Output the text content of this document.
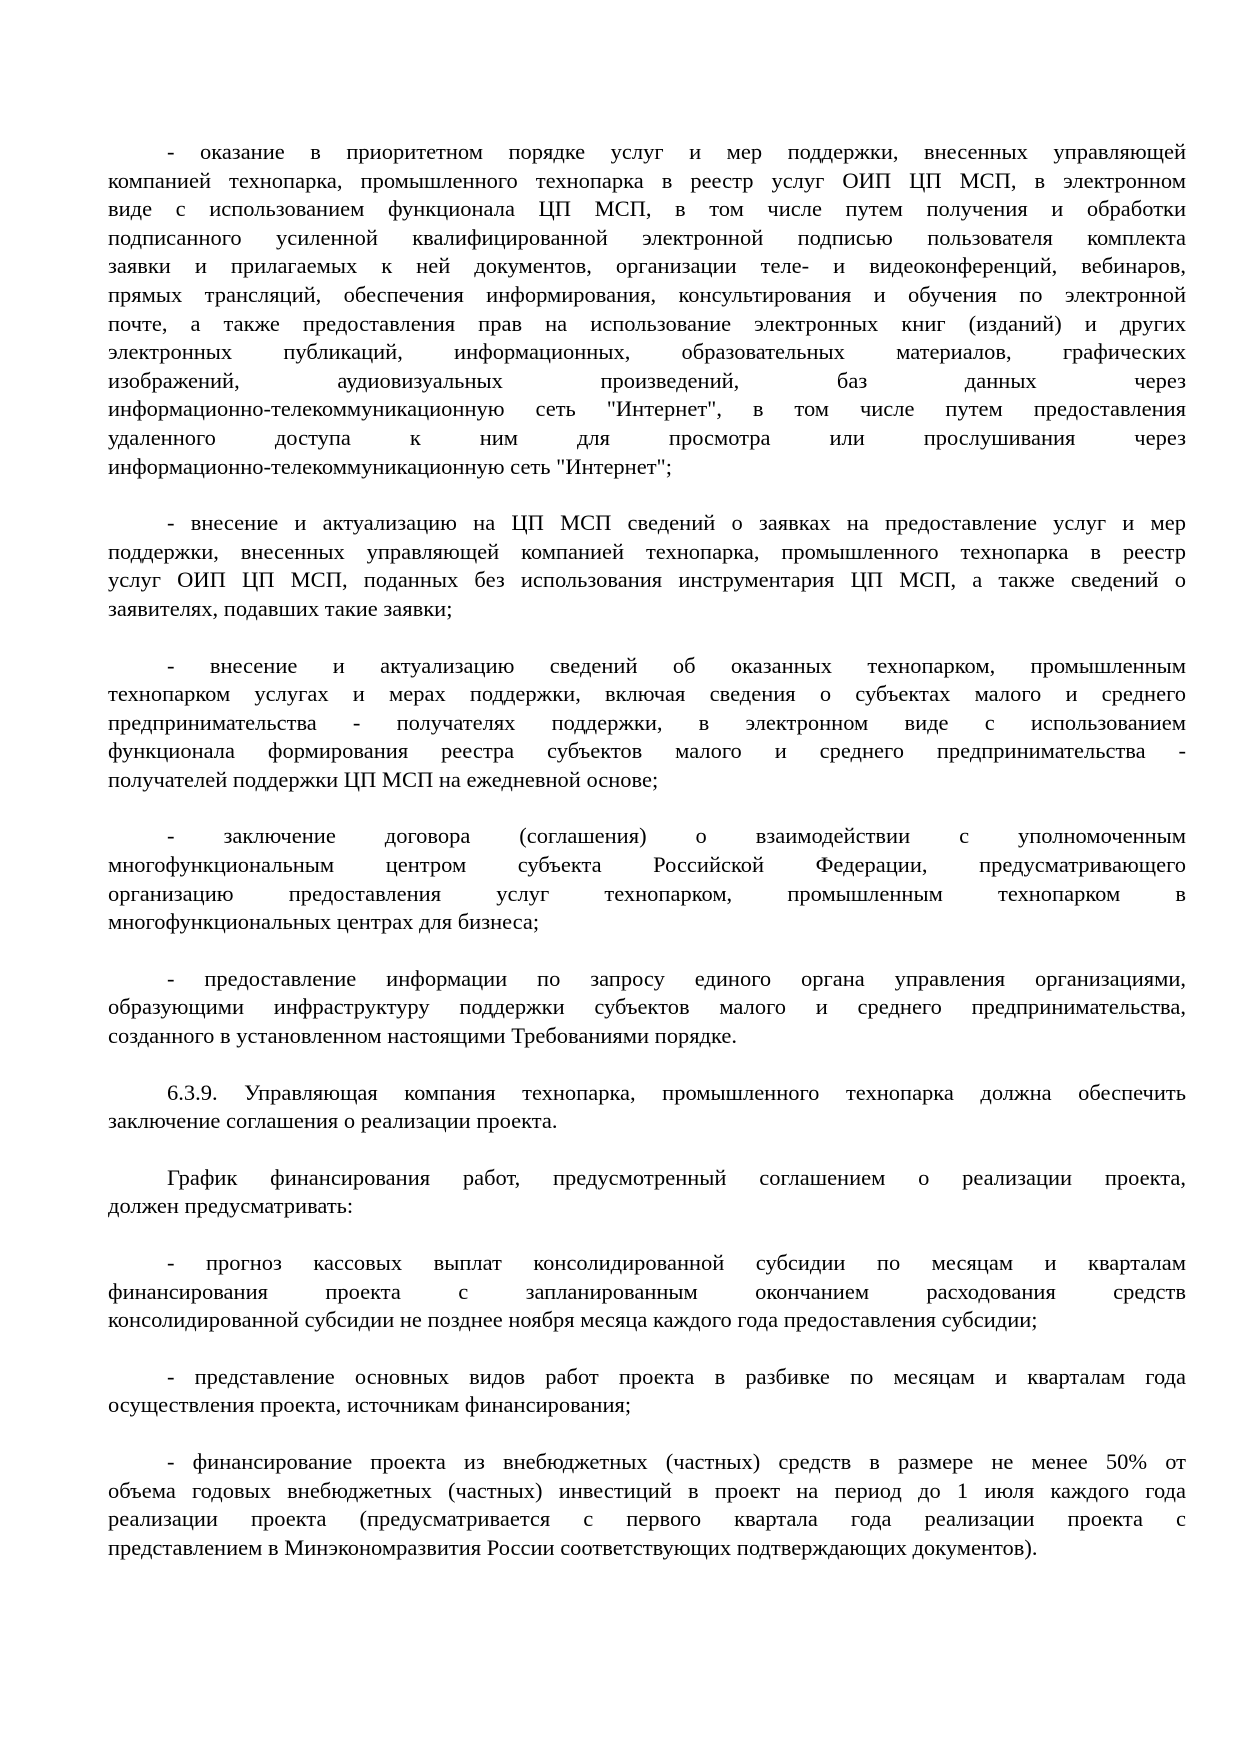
- оказание в приоритетном порядке услуг и мер поддержки, внесенных управляющей
компанией технопарка, промышленного технопарка в реестр услуг ОИП ЦП МСП, в электронном
виде с использованием функционала ЦП МСП, в том числе путем получения и обработки
подписанного усиленной квалифицированной электронной подписью пользователя комплекта
заявки и прилагаемых к ней документов, организации теле- и видеоконференций, вебинаров,
прямых трансляций, обеспечения информирования, консультирования и обучения по электронной
почте, а также предоставления прав на использование электронных книг (изданий) и других
электронных публикаций, информационных, образовательных материалов, графических
изображений, аудиовизуальных произведений, баз данных через
информационно-телекоммуникационную сеть "Интернет", в том числе путем предоставления
удаленного доступа к ним для просмотра или прослушивания через
информационно-телекоммуникационную сеть "Интернет";

- внесение и актуализацию на ЦП МСП сведений о заявках на предоставление услуг и мер
поддержки, внесенных управляющей компанией технопарка, промышленного технопарка в реестр
услуг ОИП ЦП МСП, поданных без использования инструментария ЦП МСП, а также сведений о
заявителях, подавших такие заявки;

- внесение и актуализацию сведений об оказанных технопарком, промышленным
технопарком услугах и мерах поддержки, включая сведения о субъектах малого и среднего
предпринимательства - получателях поддержки, в электронном виде с использованием
функционала формирования реестра субъектов малого и среднего предпринимательства -
получателей поддержки ЦП МСП на ежедневной основе;

- заключение договора (соглашения) о взаимодействии с уполномоченным
многофункциональным центром субъекта Российской Федерации, предусматривающего
организацию предоставления услуг технопарком, промышленным технопарком в
многофункциональных центрах для бизнеса;

- предоставление информации по запросу единого органа управления организациями,
образующими инфраструктуру поддержки субъектов малого и среднего предпринимательства,
созданного в установленном настоящими Требованиями порядке.

6.3.9. Управляющая компания технопарка, промышленного технопарка должна обеспечить
заключение соглашения о реализации проекта.

График финансирования работ, предусмотренный соглашением о реализации проекта,
должен предусматривать:

- прогноз кассовых выплат консолидированной субсидии по месяцам и кварталам
финансирования проекта с запланированным окончанием расходования средств
консолидированной субсидии не позднее ноября месяца каждого года предоставления субсидии;

- представление основных видов работ проекта в разбивке по месяцам и кварталам года
осуществления проекта, источникам финансирования;

- финансирование проекта из внебюджетных (частных) средств в размере не менее 50% от
объема годовых внебюджетных (частных) инвестиций в проект на период до 1 июля каждого года
реализации проекта (предусматривается с первого квартала года реализации проекта с
представлением в Минэкономразвития России соответствующих подтверждающих документов).
